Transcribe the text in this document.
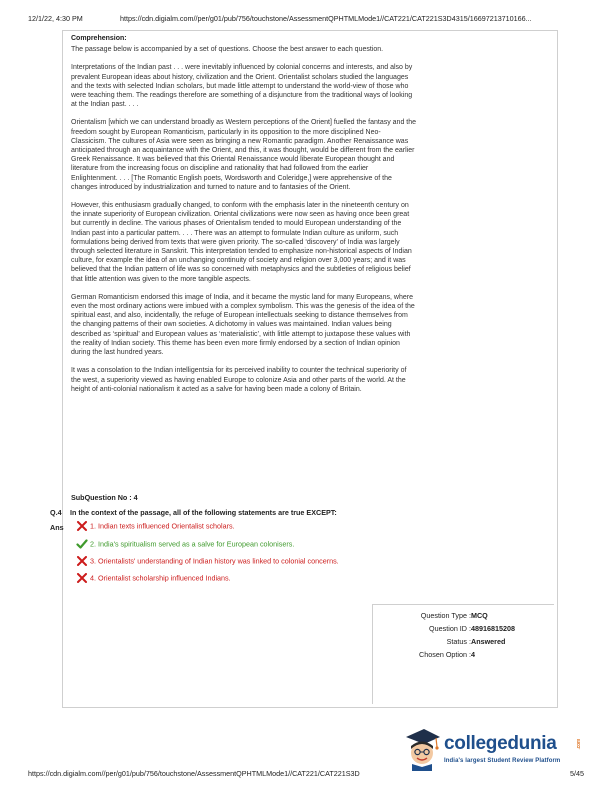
12/1/22, 4:30 PM	https://cdn.digialm.com//per/g01/pub/756/touchstone/AssessmentQPHTMLMode1//CAT221/CAT221S3D4315/16697213710166...
Comprehension:

The passage below is accompanied by a set of questions. Choose the best answer to each question.

Interpretations of the Indian past . . . were inevitably influenced by colonial concerns and interests, and also by prevalent European ideas about history, civilization and the Orient. Orientalist scholars studied the languages and the texts with selected Indian scholars, but made little attempt to understand the world-view of those who were teaching them. The readings therefore are something of a disjuncture from the traditional ways of looking at the Indian past. . . .

Orientalism [which we can understand broadly as Western perceptions of the Orient] fuelled the fantasy and the freedom sought by European Romanticism, particularly in its opposition to the more disciplined Neo-Classicism. The cultures of Asia were seen as bringing a new Romantic paradigm. Another Renaissance was anticipated through an acquaintance with the Orient, and this, it was thought, would be different from the earlier Greek Renaissance. It was believed that this Oriental Renaissance would liberate European thought and literature from the increasing focus on discipline and rationality that had followed from the earlier Enlightenment. . . . [The Romantic English poets, Wordsworth and Coleridge,] were apprehensive of the changes introduced by industrialization and turned to nature and to fantasies of the Orient.

However, this enthusiasm gradually changed, to conform with the emphasis later in the nineteenth century on the innate superiority of European civilization. Oriental civilizations were now seen as having once been great but currently in decline. The various phases of Orientalism tended to mould European understanding of the Indian past into a particular pattern. . . . There was an attempt to formulate Indian culture as uniform, such formulations being derived from texts that were given priority. The so-called ‘discovery’ of India was largely through selected literature in Sanskrit. This interpretation tended to emphasize non-historical aspects of Indian culture, for example the idea of an unchanging continuity of society and religion over 3,000 years; and it was believed that the Indian pattern of life was so concerned with metaphysics and the subtleties of religious belief that little attention was given to the more tangible aspects.

German Romanticism endorsed this image of India, and it became the mystic land for many Europeans, where even the most ordinary actions were imbued with a complex symbolism. This was the genesis of the idea of the spiritual east, and also, incidentally, the refuge of European intellectuals seeking to distance themselves from the changing patterns of their own societies. A dichotomy in values was maintained. Indian values being described as ‘spiritual’ and European values as ‘materialistic’, with little attempt to juxtapose these values with the reality of Indian society. This theme has been even more firmly endorsed by a section of Indian opinion during the last hundred years.

It was a consolation to the Indian intelligentsia for its perceived inability to counter the technical superiority of the west, a superiority viewed as having enabled Europe to colonize Asia and other parts of the world. At the height of anti-colonial nationalism it acted as a salve for having been made a colony of Britain.

SubQuestion No : 4
Q.4 In the context of the passage, all of the following statements are true EXCEPT:
Ans	1. Indian texts influenced Orientalist scholars.
2. India's spiritualism served as a salve for European colonisers.
3. Orientalists' understanding of Indian history was linked to colonial concerns.
4. Orientalist scholarship influenced Indians.
Question Type : MCQ
Question ID : 48916815208
Status : Answered
Chosen Option : 4
collegedunia	.com
India's largest Student Review Platform
https://cdn.digialm.com//per/g01/pub/756/touchstone/AssessmentQPHTMLMode1//CAT221/CAT221S3D	5/45
